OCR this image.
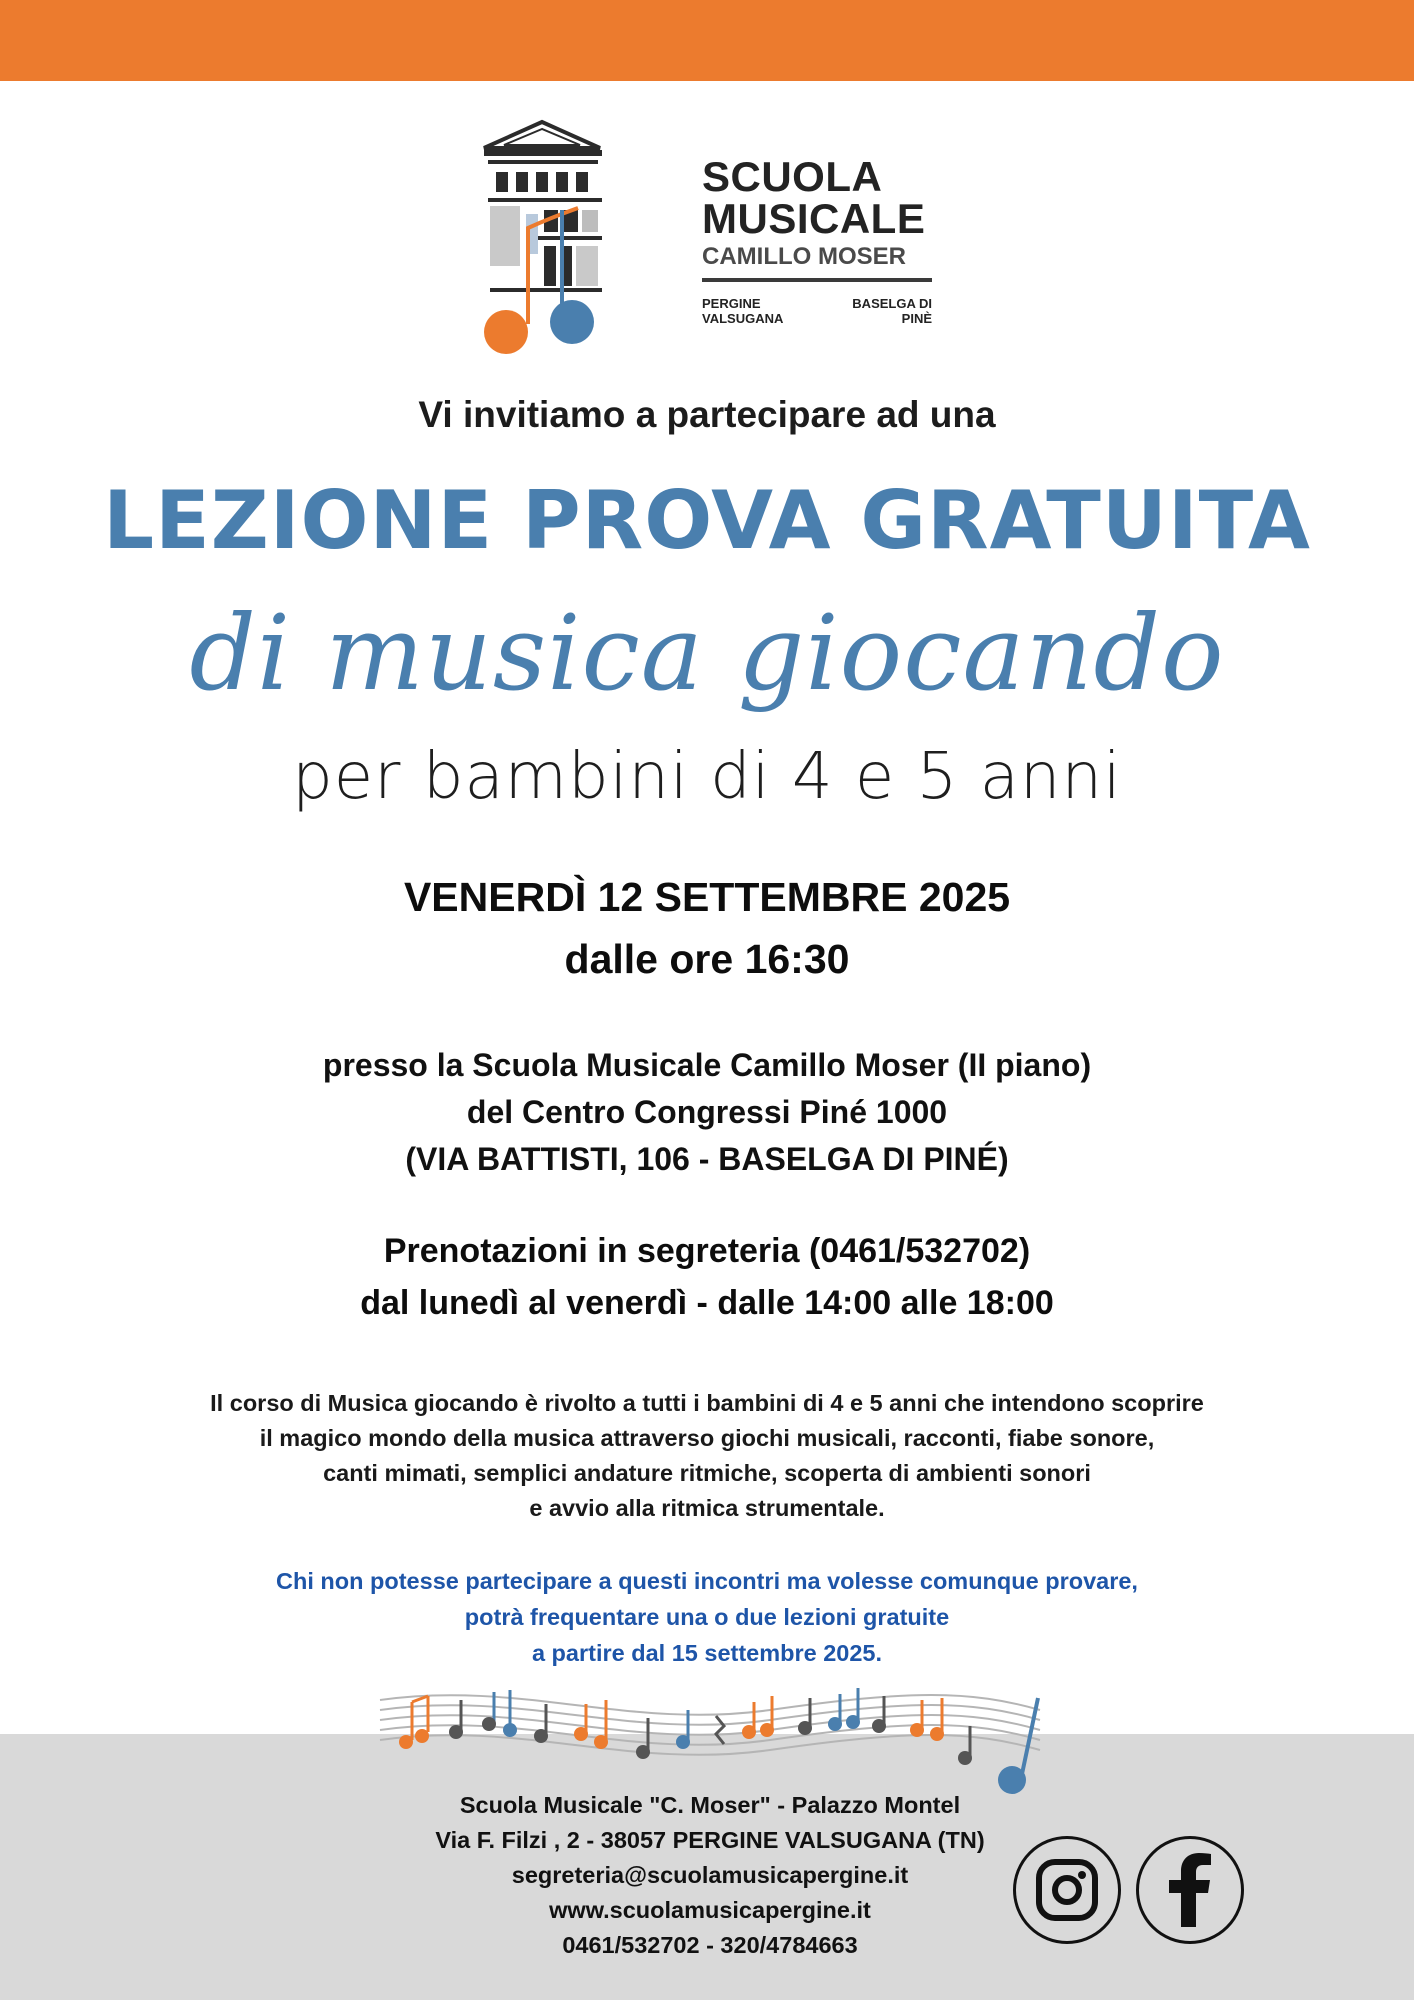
SCUOLA
MUSICALE
CAMILLO MOSER
PERGINE VALSUGANA
BASELGA DI PINÈ
Vi invitiamo a partecipare ad una
LEZIONE PROVA GRATUITA
di musica giocando
per bambini di 4 e 5 anni
VENERDÌ 12 SETTEMBRE 2025
dalle ore 16:30
presso la Scuola Musicale Camillo Moser (II piano)
del Centro Congressi Piné 1000
(VIA BATTISTI, 106 - BASELGA DI PINÉ)
Prenotazioni in segreteria (0461/532702)
dal lunedì al venerdì - dalle 14:00 alle 18:00
Il corso di Musica giocando è rivolto a tutti i bambini di 4 e 5 anni che intendono scoprire
il magico mondo della musica attraverso giochi musicali, racconti, fiabe sonore,
canti mimati, semplici andature ritmiche, scoperta di ambienti sonori
e avvio alla ritmica strumentale.
Chi non potesse partecipare a questi incontri ma volesse comunque provare,
potrà frequentare una o due lezioni gratuite
a partire dal 15 settembre 2025.
Scuola Musicale "C. Moser" - Palazzo Montel
Via F. Filzi , 2 - 38057 PERGINE VALSUGANA (TN)
segreteria@scuolamusicapergine.it
www.scuolamusicapergine.it
0461/532702 - 320/4784663
